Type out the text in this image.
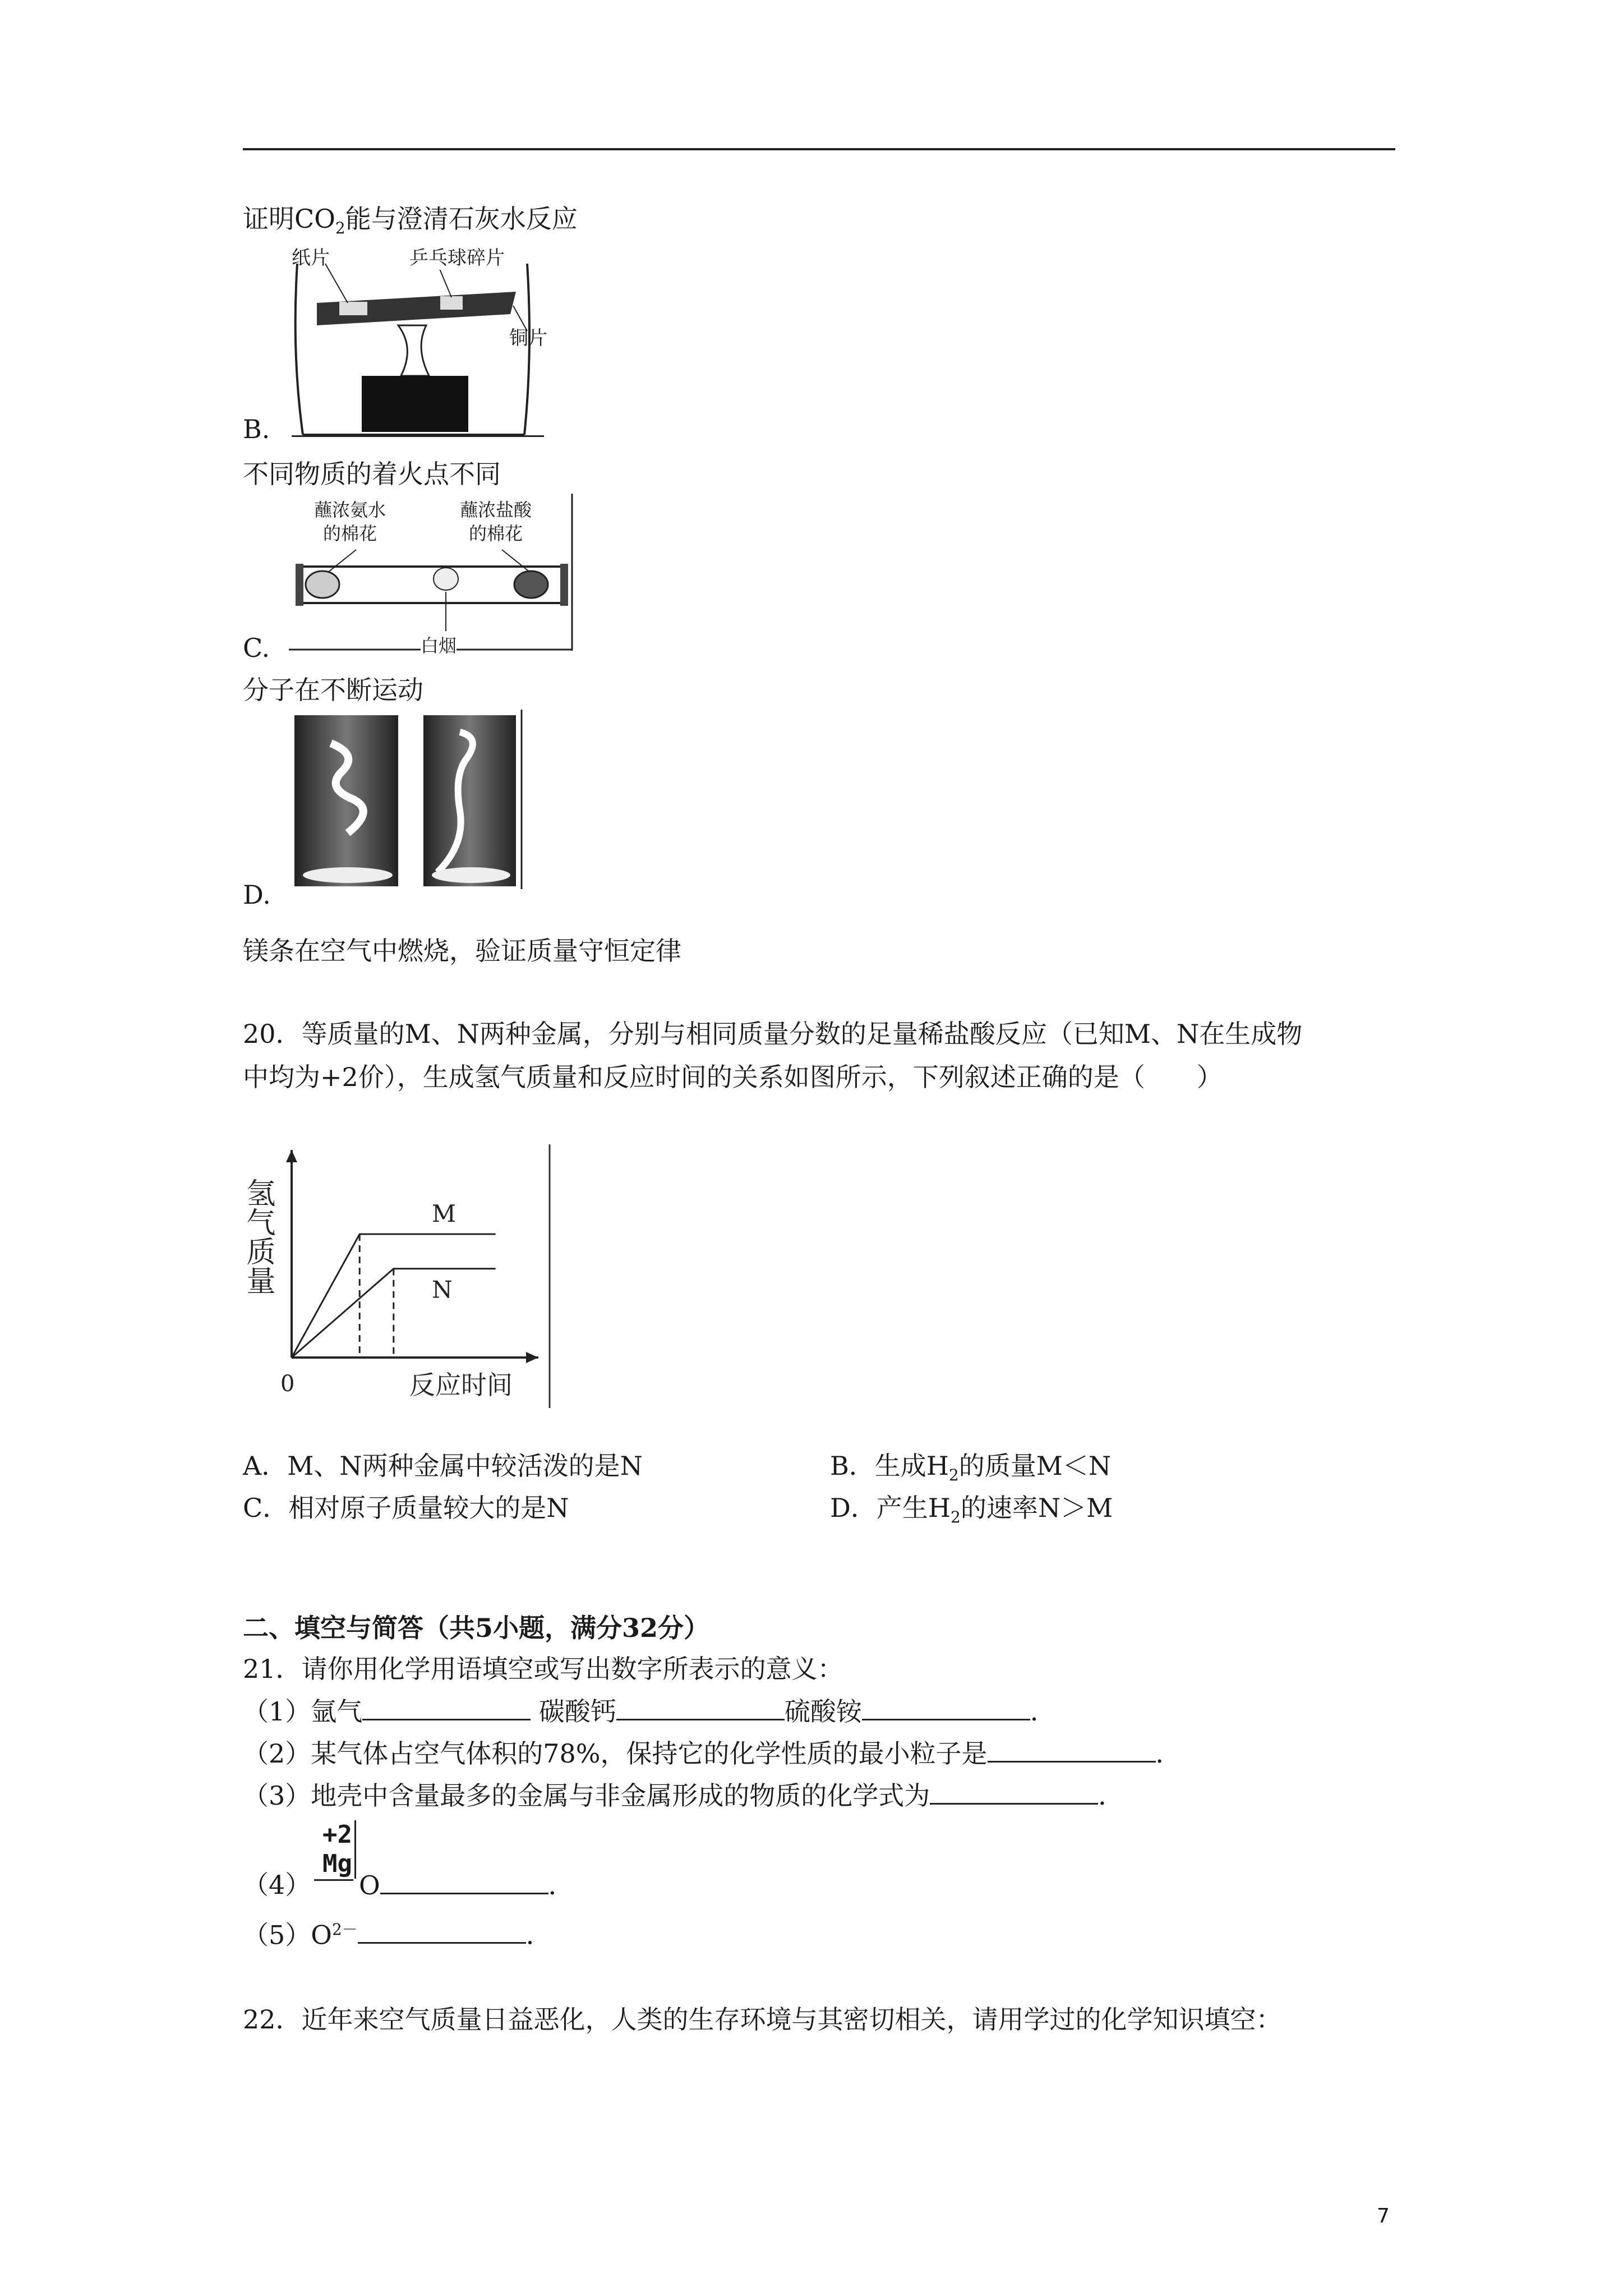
证明$CO_2$能与澄清石灰水反应
纸片	乒乓球碎片
铜片
B.
不同物质的着火点不同
蘸浓氨水
的棉花
蘸浓盐酸
的棉花
白烟
C.
分子在不断运动
D.
镁条在空气中燃烧，验证质量守恒定律
20．等质量的M、N两种金属，分别与相同质量分数的足量稀盐酸反应（已知M、N在生成物
中均为+2价），生成氢气质量和反应时间的关系如图所示，下列叙述正确的是（　　）
氢气质量
反应时间
0
M
N
A．M、N两种金属中较活泼的是N	B．生成$H_2$的质量M＜N
C．相对原子质量较大的是N	D．产生$H_2$的速率N＞M
二、填空与简答（共5小题，满分32分）
21．请你用化学用语填空或写出数字所表示的意义：
（1）氩气	碳酸钙	硫酸铵	．
（2）某气体占空气体积的78%，保持它的化学性质的最小粒子是	．
（3）地壳中含量最多的金属与非金属形成的物质的化学式为	．
（4）
+2
Mg
O	．
$(5)O^{2-}$	．
22．近年来空气质量日益恶化，人类的生存环境与其密切相关，请用学过的化学知识填空：
7
